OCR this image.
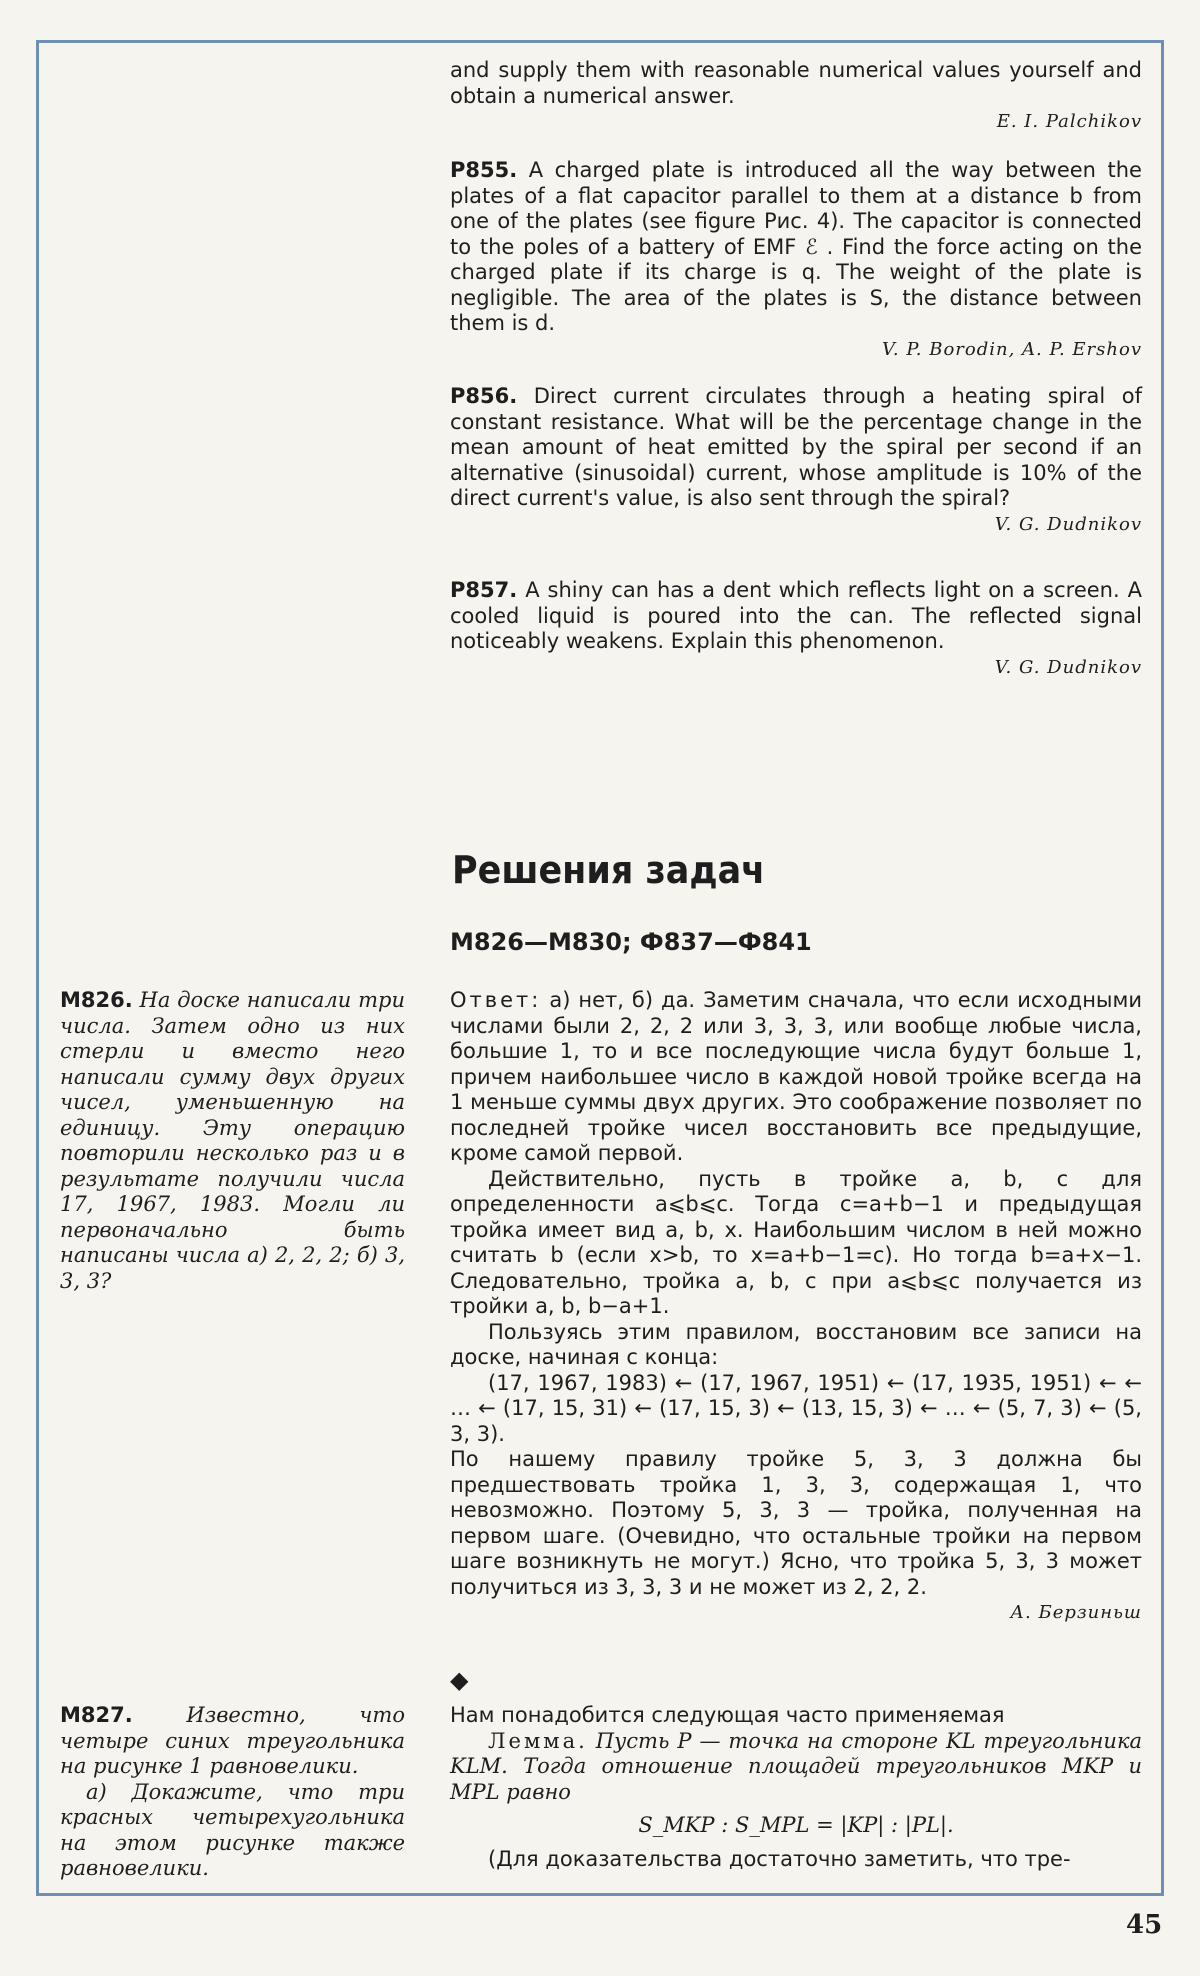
and supply them with reasonable numerical values yourself and obtain a numerical answer.

E. I. Palchikov

P855. A charged plate is introduced all the way between the plates of a flat capacitor parallel to them at a distance b from one of the plates (see figure Рис. 4). The capacitor is connected to the poles of a battery of EMF ℰ . Find the force acting on the charged plate if its charge is q. The weight of the plate is negligible. The area of the plates is S, the distance between them is d.

V. P. Borodin, A. P. Ershov

P856. Direct current circulates through a heating spiral of constant resistance. What will be the percentage change in the mean amount of heat emitted by the spiral per second if an alternative (sinusoidal) current, whose amplitude is 10% of the direct current's value, is also sent through the spiral?

V. G. Dudnikov

P857. A shiny can has a dent which reflects light on a screen. A cooled liquid is poured into the can. The reflected signal noticeably weakens. Explain this phenomenon.

V. G. Dudnikov

Решения задач
М826—М830; Ф837—Ф841

M826. На доске написали три числа. Затем одно из них стерли и вместо него написали сумму двух других чисел, уменьшенную на единицу. Эту операцию повторили несколько раз и в результате получили числа 17, 1967, 1983. Могли ли первоначально быть написаны числа а) 2, 2, 2; б) 3, 3, 3?

Ответ: а) нет, б) да. Заметим сначала, что если исходными числами были 2, 2, 2 или 3, 3, 3, или вообще любые числа, большие 1, то и все последующие числа будут больше 1, причем наибольшее число в каждой новой тройке всегда на 1 меньше суммы двух других. Это соображение позволяет по последней тройке чисел восстановить все предыдущие, кроме самой первой.

Действительно, пусть в тройке a, b, c для определенности a⩽b⩽c. Тогда c=a+b−1 и предыдущая тройка имеет вид a, b, x. Наибольшим числом в ней можно считать b (если x>b, то x=a+b−1=c). Но тогда b=a+x−1. Следовательно, тройка a, b, c при a⩽b⩽c получается из тройки a, b, b−a+1.

Пользуясь этим правилом, восстановим все записи на доске, начиная с конца:

(17, 1967, 1983) ← (17, 1967, 1951) ← (17, 1935, 1951) ← ← … ← (17, 15, 31) ← (17, 15, 3) ← (13, 15, 3) ← … ← (5, 7, 3) ← (5, 3, 3).

По нашему правилу тройке 5, 3, 3 должна бы предшествовать тройка 1, 3, 3, содержащая 1, что невозможно. Поэтому 5, 3, 3 — тройка, полученная на первом шаге. (Очевидно, что остальные тройки на первом шаге возникнуть не могут.) Ясно, что тройка 5, 3, 3 может получиться из 3, 3, 3 и не может из 2, 2, 2.

А. Берзиньш

◆

M827.	Известно, что четыре синих треугольника на рисунке 1 равновелики.

а) Докажите, что три красных четырехугольника на этом рисунке также равновелики.

Нам понадобится следующая часто применяемая

Лемма. Пусть P — точка на стороне KL треугольника KLM. Тогда отношение площадей треугольников MKP и MPL равно

S_MKP : S_MPL = |KP| : |PL|.

(Для доказательства достаточно заметить, что тре-

45
